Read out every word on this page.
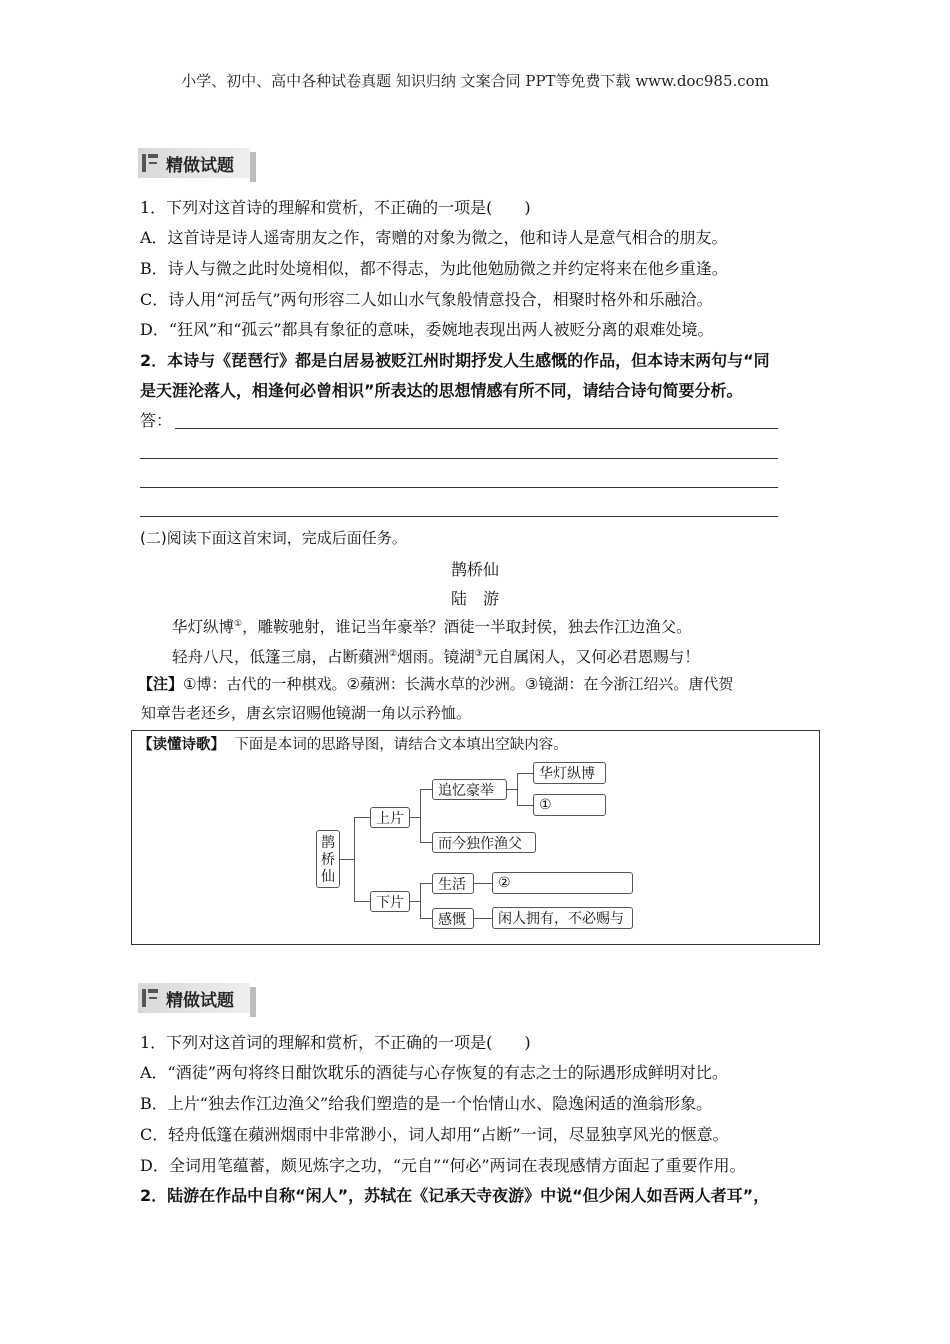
小学、初中、高中各种试卷真题 知识归纳 文案合同 PPT等免费下载 www.doc985.com
精做试题
1．下列对这首诗的理解和赏析，不正确的一项是(　　)
A．这首诗是诗人遥寄朋友之作，寄赠的对象为微之，他和诗人是意气相合的朋友。
B．诗人与微之此时处境相似，都不得志，为此他勉励微之并约定将来在他乡重逢。
C．诗人用“河岳气”两句形容二人如山水气象般情意投合，相聚时格外和乐融洽。
D．“狂风”和“孤云”都具有象征的意味，委婉地表现出两人被贬分离的艰难处境。
2．本诗与《琵琶行》都是白居易被贬江州时期抒发人生感慨的作品，但本诗末两句与“同
是天涯沦落人，相逢何必曾相识”所表达的思想情感有所不同，请结合诗句简要分析。
答：
(二)阅读下面这首宋词，完成后面任务。
鹊桥仙
陆　游
华灯纵博①，雕鞍驰射，谁记当年豪举？酒徒一半取封侯，独去作江边渔父。
轻舟八尺，低篷三扇，占断蘋洲②烟雨。镜湖③元自属闲人，又何必君恩赐与！
【注】①博：古代的一种棋戏。②蘋洲：长满水草的沙洲。③镜湖：在今浙江绍兴。唐代贺
知章告老还乡，唐玄宗诏赐他镜湖一角以示矜恤。
【读懂诗歌】 下面是本词的思路导图，请结合文本填出空缺内容。
鹊桥仙
上片
追忆豪举
华灯纵博
①
而今独作渔父
下片
生活	②
感慨	闲人拥有，不必赐与
精做试题
1．下列对这首词的理解和赏析，不正确的一项是(　　)
A．“酒徒”两句将终日酣饮耽乐的酒徒与心存恢复的有志之士的际遇形成鲜明对比。
B．上片“独去作江边渔父”给我们塑造的是一个怡情山水、隐逸闲适的渔翁形象。
C．轻舟低篷在蘋洲烟雨中非常渺小，词人却用“占断”一词，尽显独享风光的惬意。
D．全词用笔蕴蓄，颇见炼字之功，“元自”“何必”两词在表现感情方面起了重要作用。
2．陆游在作品中自称“闲人”，苏轼在《记承天寺夜游》中说“但少闲人如吾两人者耳”，
